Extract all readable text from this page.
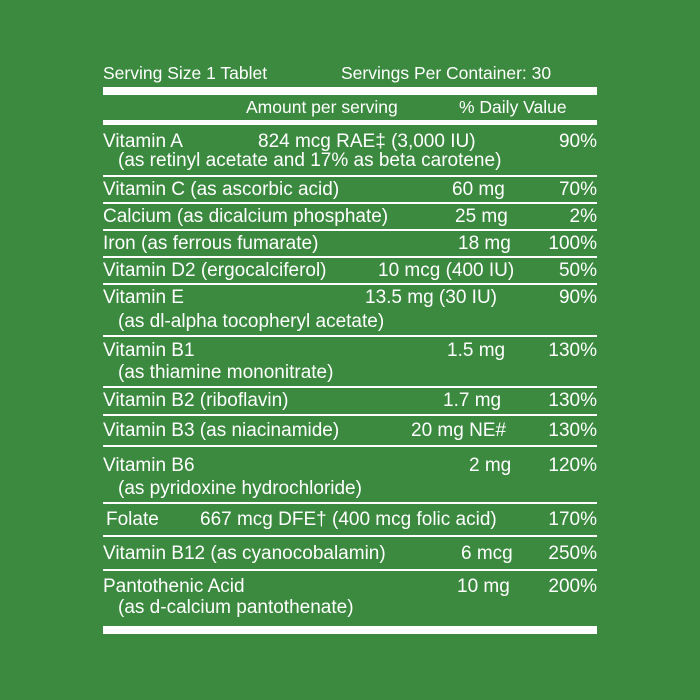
Serving Size 1 Tablet	Servings Per Container: 30
Amount per serving	% Daily Value
Vitamin A	824 mcg RAE‡ (3,000 IU)	90%
(as retinyl acetate and 17% as beta carotene)
Vitamin C (as ascorbic acid)	60 mg	70%
Calcium (as dicalcium phosphate)	25 mg	2%
Iron (as ferrous fumarate)	18 mg 100%
Vitamin D2 (ergocalciferol)	10 mcg (400 IU) 50%
Vitamin E	13.5 mg (30 IU)	90%
(as dl-alpha tocopheryl acetate)
Vitamin B1	1.5 mg 130%
(as thiamine mononitrate)
Vitamin B2 (riboflavin)	1.7 mg 130%
Vitamin B3 (as niacinamide)	20 mg NE# 130%
Vitamin B6	2 mg 120%
(as pyridoxine hydrochloride)
Folate 667 mcg DFE† (400 mcg folic acid)	170%
Vitamin B12 (as cyanocobalamin)	6 mcg 250%
Pantothenic Acid	10 mg 200%
(as d-calcium pantothenate)
